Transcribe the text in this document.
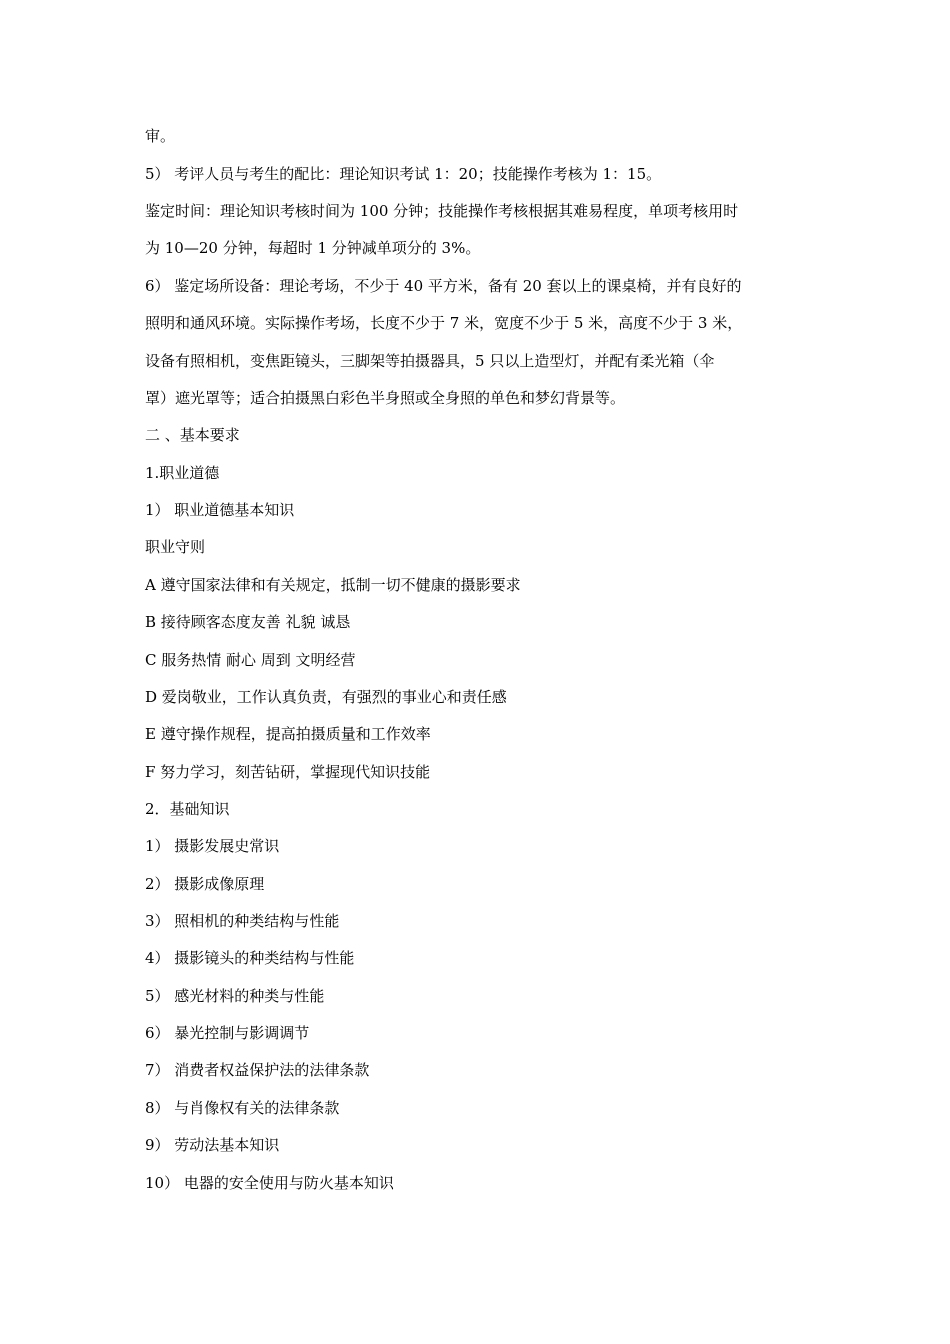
审。
5） 考评人员与考生的配比：理论知识考试 1：20；技能操作考核为 1：15。
鉴定时间：理论知识考核时间为 100 分钟；技能操作考核根据其难易程度，单项考核用时
为 10—20 分钟，每超时 1 分钟减单项分的 3%。
6） 鉴定场所设备：理论考场，不少于 40 平方米，备有 20 套以上的课桌椅，并有良好的
照明和通风环境。实际操作考场，长度不少于 7 米，宽度不少于 5 米，高度不少于 3 米，
设备有照相机，变焦距镜头，三脚架等拍摄器具，5 只以上造型灯，并配有柔光箱（伞
罩）遮光罩等；适合拍摄黑白彩色半身照或全身照的单色和梦幻背景等。
二 、基本要求
1.职业道德
1） 职业道德基本知识
职业守则
A 遵守国家法律和有关规定，抵制一切不健康的摄影要求
B 接待顾客态度友善 礼貌 诚恳
C 服务热情 耐心 周到 文明经营
D 爱岗敬业，工作认真负责，有强烈的事业心和责任感
E 遵守操作规程，提高拍摄质量和工作效率
F 努力学习，刻苦钻研，掌握现代知识技能
2．基础知识
1） 摄影发展史常识
2） 摄影成像原理
3） 照相机的种类结构与性能
4） 摄影镜头的种类结构与性能
5） 感光材料的种类与性能
6） 暴光控制与影调调节
7） 消费者权益保护法的法律条款
8） 与肖像权有关的法律条款
9） 劳动法基本知识
10） 电器的安全使用与防火基本知识
